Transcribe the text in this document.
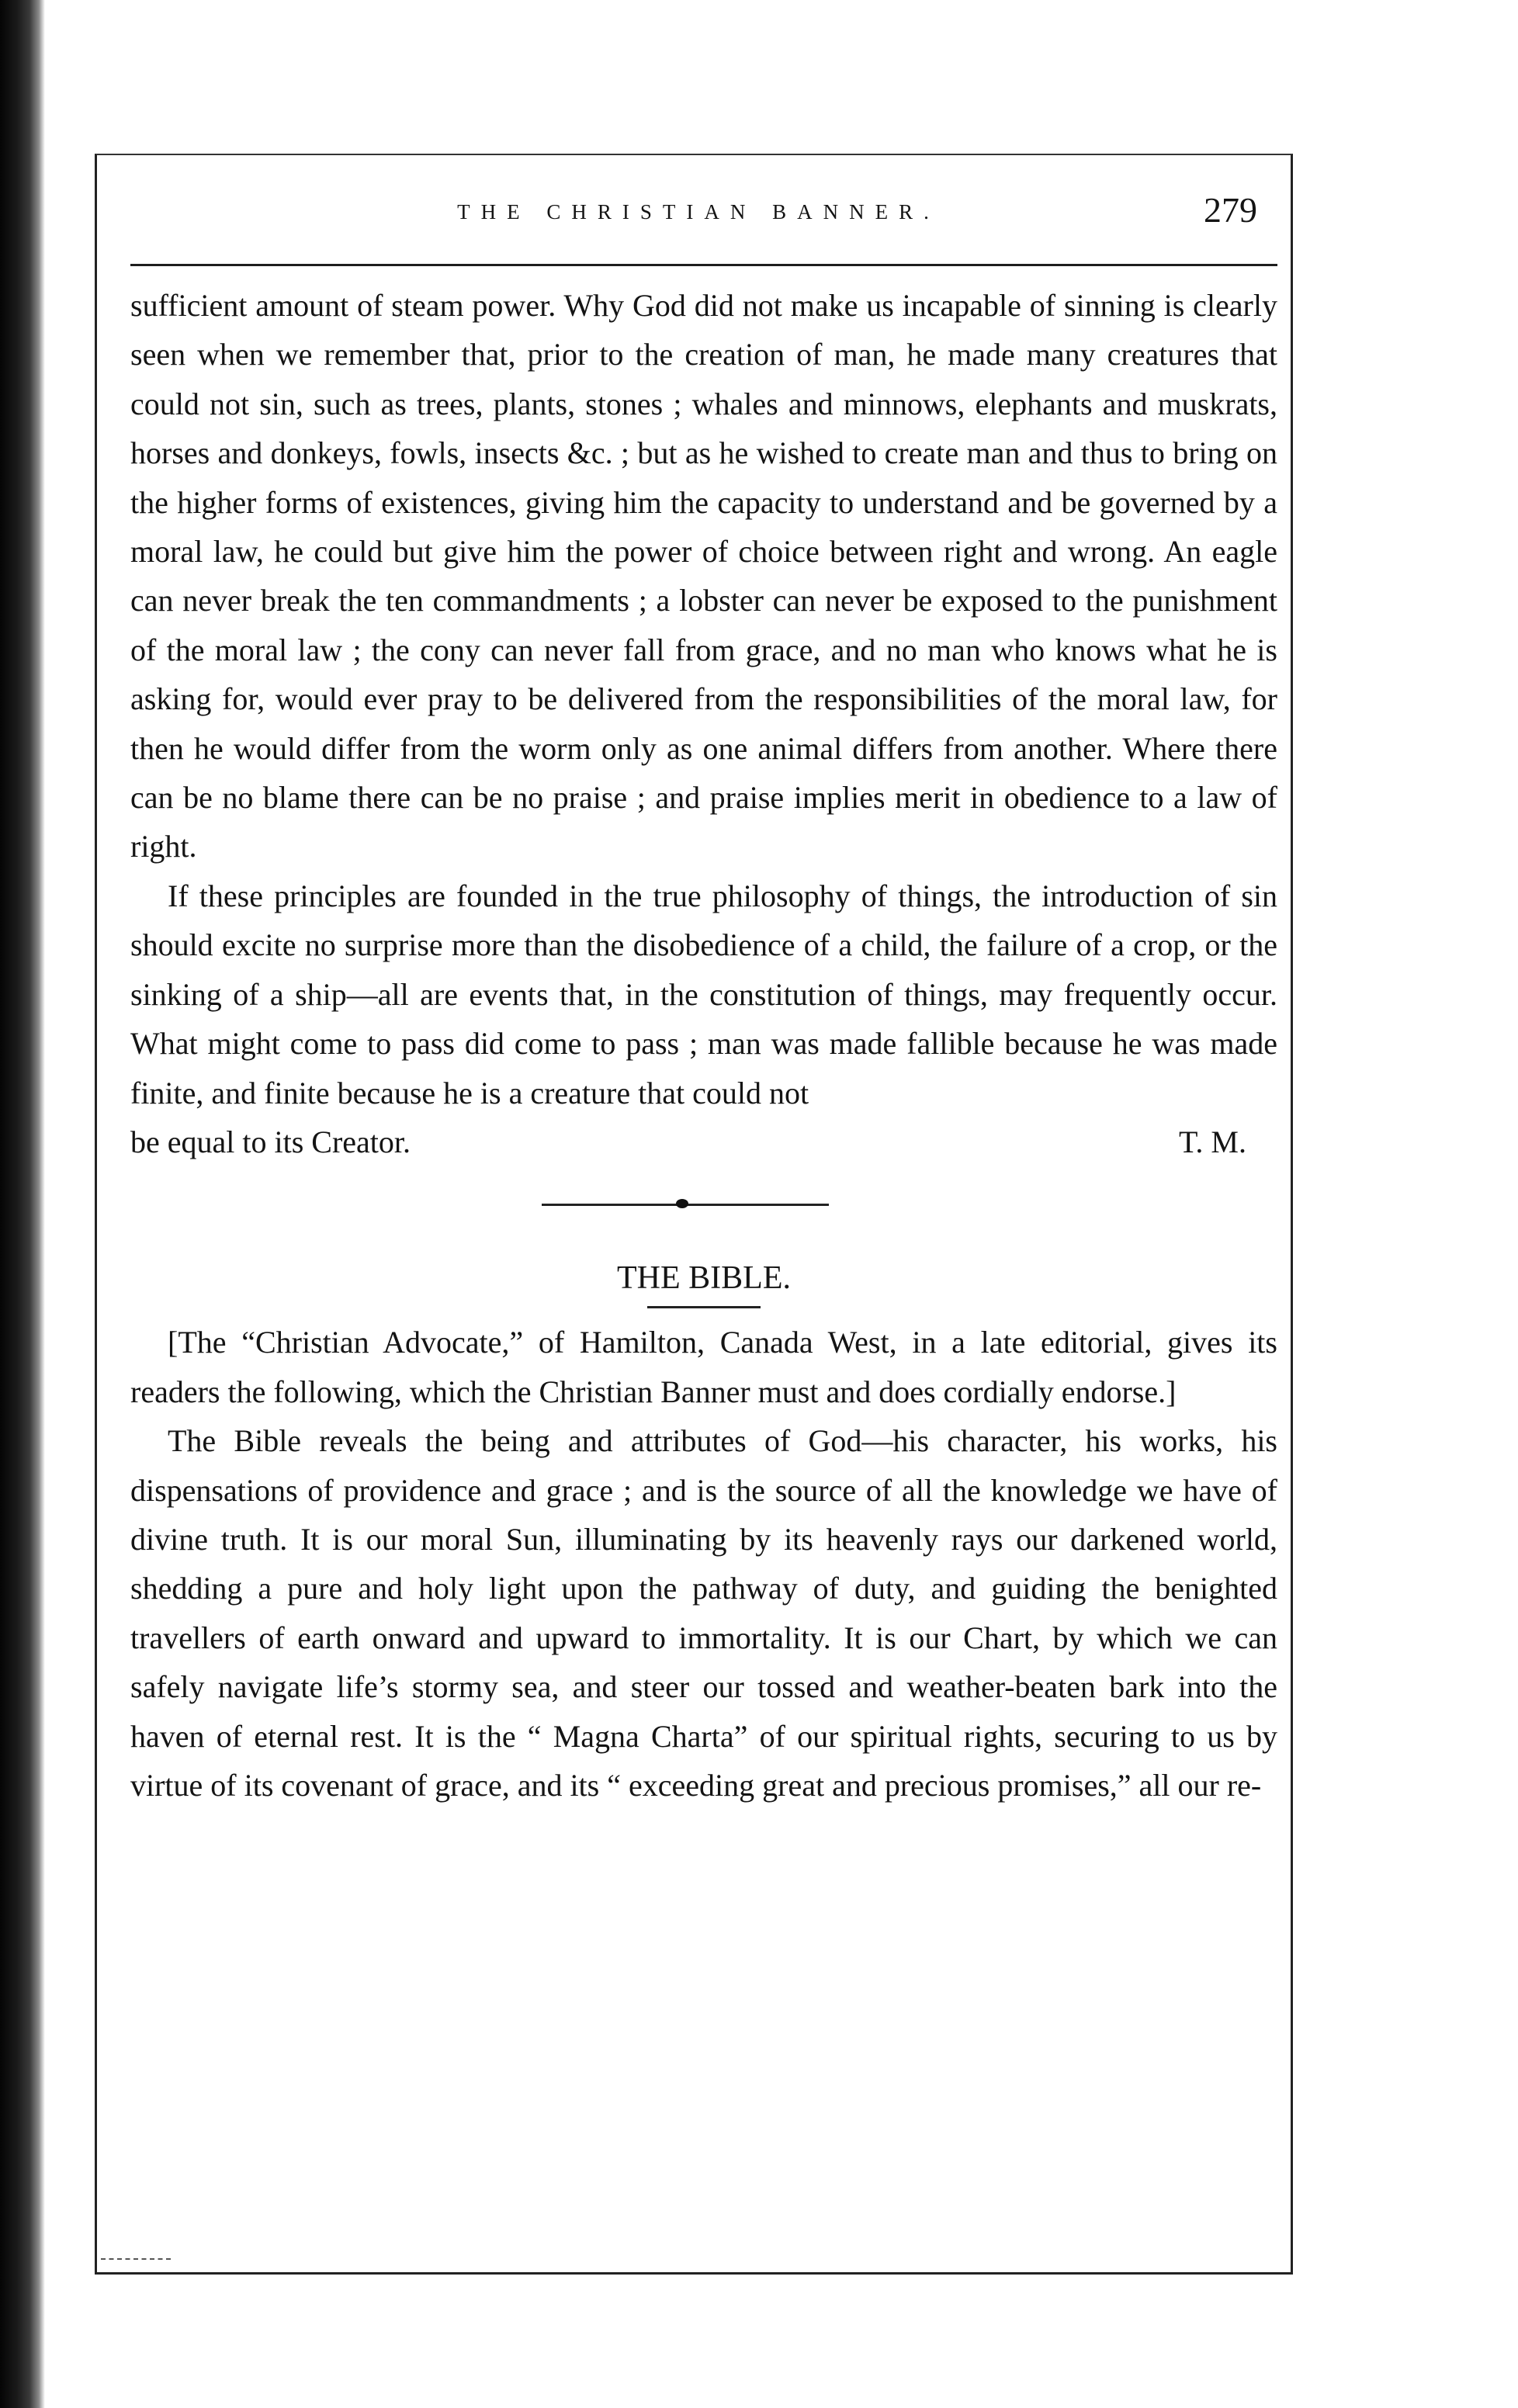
THE CHRISTIAN BANNER.	279

sufficient amount of steam power. Why God did not make us incapable of sinning is clearly seen when we remember that, prior to the creation of man, he made many creatures that could not sin, such as trees, plants, stones ; whales and minnows, elephants and muskrats, horses and donkeys, fowls, insects &c. ; but as he wished to create man and thus to bring on the higher forms of existences, giving him the capacity to understand and be governed by a moral law, he could but give him the power of choice between right and wrong. An eagle can never break the ten commandments ; a lobster can never be exposed to the punishment of the moral law ; the cony can never fall from grace, and no man who knows what he is asking for, would ever pray to be delivered from the responsibilities of the moral law, for then he would differ from the worm only as one animal differs from another. Where there can be no blame there can be no praise ; and praise implies merit in obedience to a law of right.

If these principles are founded in the true philosophy of things, the introduction of sin should excite no surprise more than the disobedience of a child, the failure of a crop, or the sinking of a ship—all are events that, in the constitution of things, may frequently occur. What might come to pass did come to pass ; man was made fallible because he was made finite, and finite because he is a creature that could not

be equal to its Creator.	T. M.
THE BIBLE.

[The “Christian Advocate,” of Hamilton, Canada West, in a late editorial, gives its readers the following, which the Christian Banner must and does cordially endorse.]

The Bible reveals the being and attributes of God—his character, his works, his dispensations of providence and grace ; and is the source of all the knowledge we have of divine truth. It is our moral Sun, illuminating by its heavenly rays our darkened world, shedding a pure and holy light upon the pathway of duty, and guiding the benighted travellers of earth onward and upward to immortality. It is our Chart, by which we can safely navigate life’s stormy sea, and steer our tossed and weather-beaten bark into the haven of eternal rest. It is the “ Magna Charta” of our spiritual rights, securing to us by virtue of its covenant of grace, and its “ exceeding great and precious promises,” all our re-
